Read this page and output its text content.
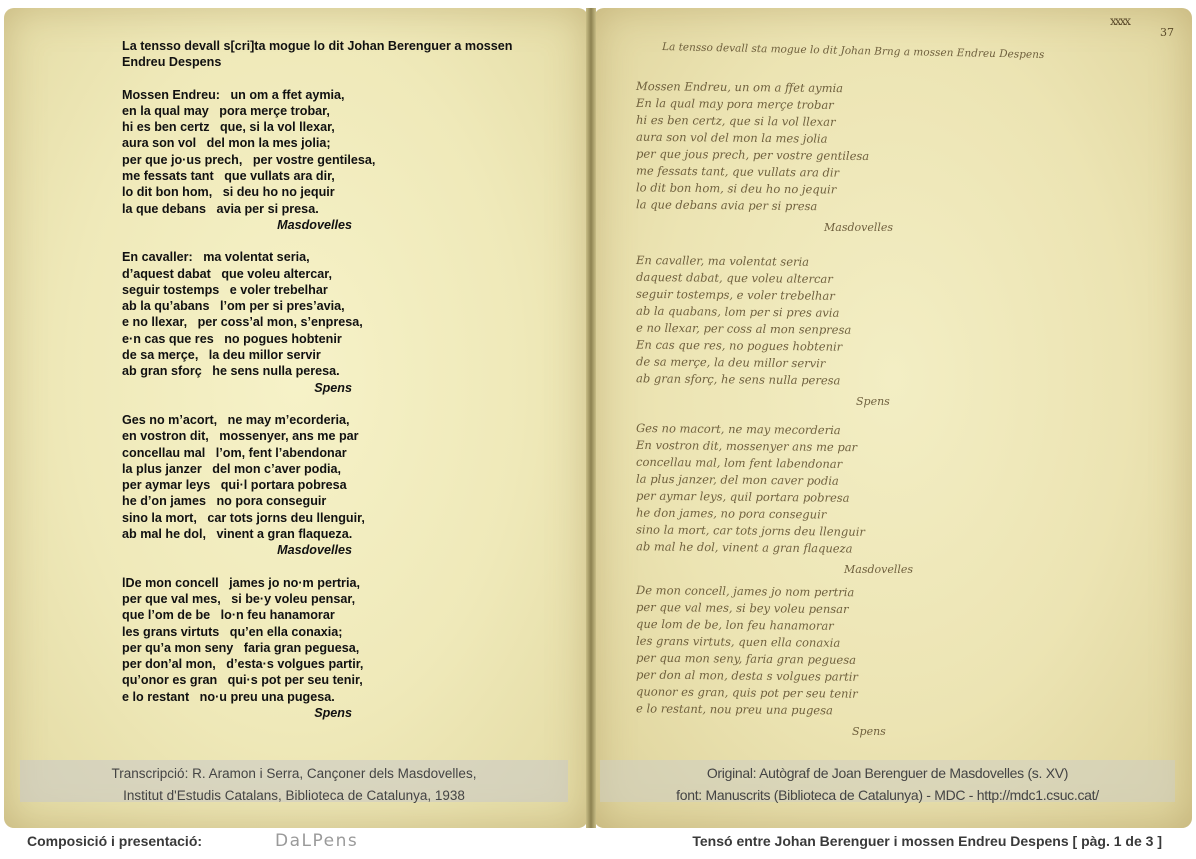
La tensso devall s[cri]ta mogue lo dit Johan Berenguer a mossen Endreu Despens
Mossen Endreu:   un om a ffet aymia,
en la qual may   pora merçe trobar,
hi es ben certz   que, si la vol llexar,
aura son vol   del mon la mes jolia;
per que jo·us prech,   per vostre gentilesa,
me fessats tant   que vullats ara dir,
lo dit bon hom,   si deu ho no jequir
la que debans   avia per si presa.
Masdovelles
En cavaller:   ma volentat seria,
d’aquest dabat   que voleu altercar,
seguir tostemps   e voler trebelhar
ab la qu’abans   l’om per si pres’avia,
e no llexar,   per coss’al mon, s’enpresa,
e·n cas que res   no pogues hobtenir
de sa merçe,   la deu millor servir
ab gran sforç   he sens nulla peresa.
Spens
Ges no m’acort,   ne may m’ecorderia,
en vostron dit,   mossenyer, ans me par
concellau mal   l’om, fent l’abendonar
la plus janzer   del mon c’aver podia,
per aymar leys   qui·l portara pobresa
he d’on james   no pora conseguir
sino la mort,   car tots jorns deu llenguir,
ab mal he dol,   vinent a gran flaqueza.
Masdovelles
lDe mon concell   james jo no·m pertria,
per que val mes,   si be·y voleu pensar,
que l’om de be   lo·n feu hanamorar
les grans virtuts   qu’en ella conaxia;
per qu’a mon seny   faria gran peguesa,
per don’al mon,   d’esta·s volgues partir,
qu’onor es gran   qui·s pot per seu tenir,
e lo restant   no·u preu una pugesa.
Spens
xxxx
37
La tensso devall sta mogue lo dit Johan Brng a mossen Endreu Despens
Mossen Endreu, un om a ffet aymia
En la qual may pora merçe trobar
hi es ben certz, que si la vol llexar
aura son vol del mon la mes jolia
per que jous prech, per vostre gentilesa
me fessats tant, que vullats ara dir
lo dit bon hom, si deu ho no jequir
la que debans avia per si presa
Masdovelles
En cavaller, ma volentat seria
daquest dabat, que voleu altercar
seguir tostemps, e voler trebelhar
ab la quabans, lom per si pres avia
e no llexar, per coss al mon senpresa
En cas que res, no pogues hobtenir
de sa merçe, la deu millor servir
ab gran sforç, he sens nulla peresa
Spens
Ges no macort, ne may mecorderia
En vostron dit, mossenyer ans me par
concellau mal, lom fent labendonar
la plus janzer, del mon caver podia
per aymar leys, quil portara pobresa
he don james, no pora conseguir
sino la mort, car tots jorns deu llenguir
ab mal he dol, vinent a gran flaqueza
Masdovelles
De mon concell, james jo nom pertria
per que val mes, si bey voleu pensar
que lom de be, lon feu hanamorar
les grans virtuts, quen ella conaxia
per qua mon seny, faria gran peguesa
per don al mon, desta s volgues partir
quonor es gran, quis pot per seu tenir
e lo restant, nou preu una pugesa
Spens
Transcripció: R. Aramon i Serra, Cançoner dels Masdovelles,
Institut d'Estudis Catalans, Biblioteca de Catalunya, 1938
Original: Autògraf de Joan Berenguer de Masdovelles (s. XV)
font: Manuscrits (Biblioteca de Catalunya) - MDC - http://mdc1.csuc.cat/
Composició i presentació:	DaLPens	Tensó entre Johan Berenguer i mossen Endreu Despens [ pàg. 1 de 3 ]
